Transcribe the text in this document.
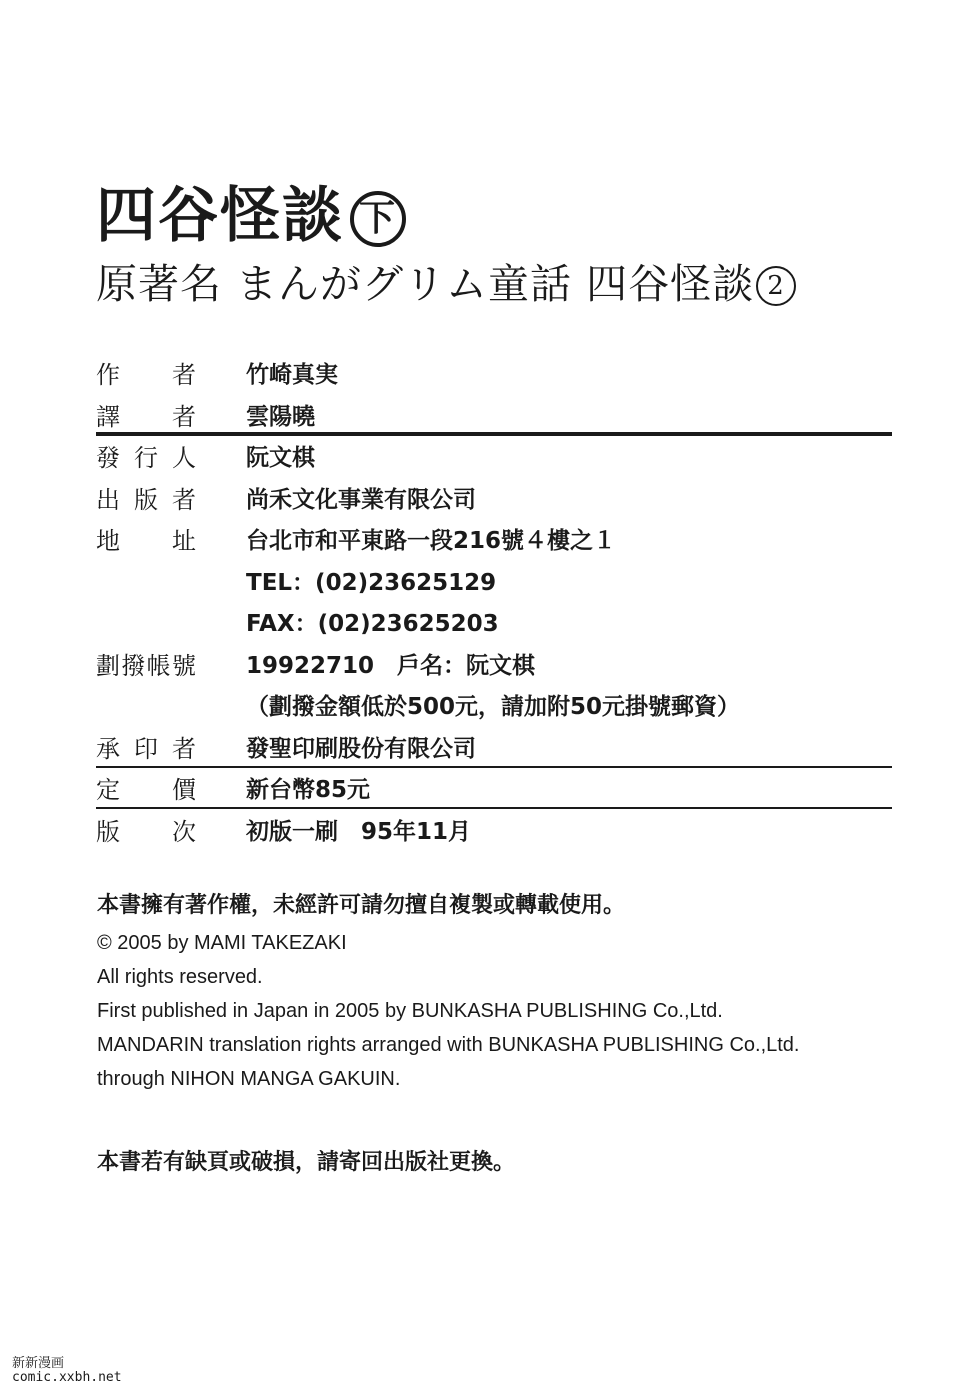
四谷怪談 下
原著名 まんがグリム童話 四谷怪談 2
作 者 竹崎真実
譯 者 雲陽曉
發 行 人 阮文棋
出 版 者 尚禾文化事業有限公司
地 址 台北市和平東路一段216號４樓之１
TEL：(02)23625129
FAX：(02)23625203
劃 撥 帳 號 19922710　戶名：阮文棋
（劃撥金額低於500元，請加附50元掛號郵資）
承 印 者 發聖印刷股份有限公司
定 價 新台幣85元
版 次 初版一刷　95年11月
本書擁有著作權，未經許可請勿擅自複製或轉載使用。
© 2005 by MAMI TAKEZAKI
All rights reserved.
First published in Japan in 2005 by BUNKASHA PUBLISHING Co.,Ltd.
MANDARIN translation rights arranged with BUNKASHA PUBLISHING Co.,Ltd.
through NIHON MANGA GAKUIN.
本書若有缺頁或破損，請寄回出版社更換。
新新漫画
comic.xxbh.net
